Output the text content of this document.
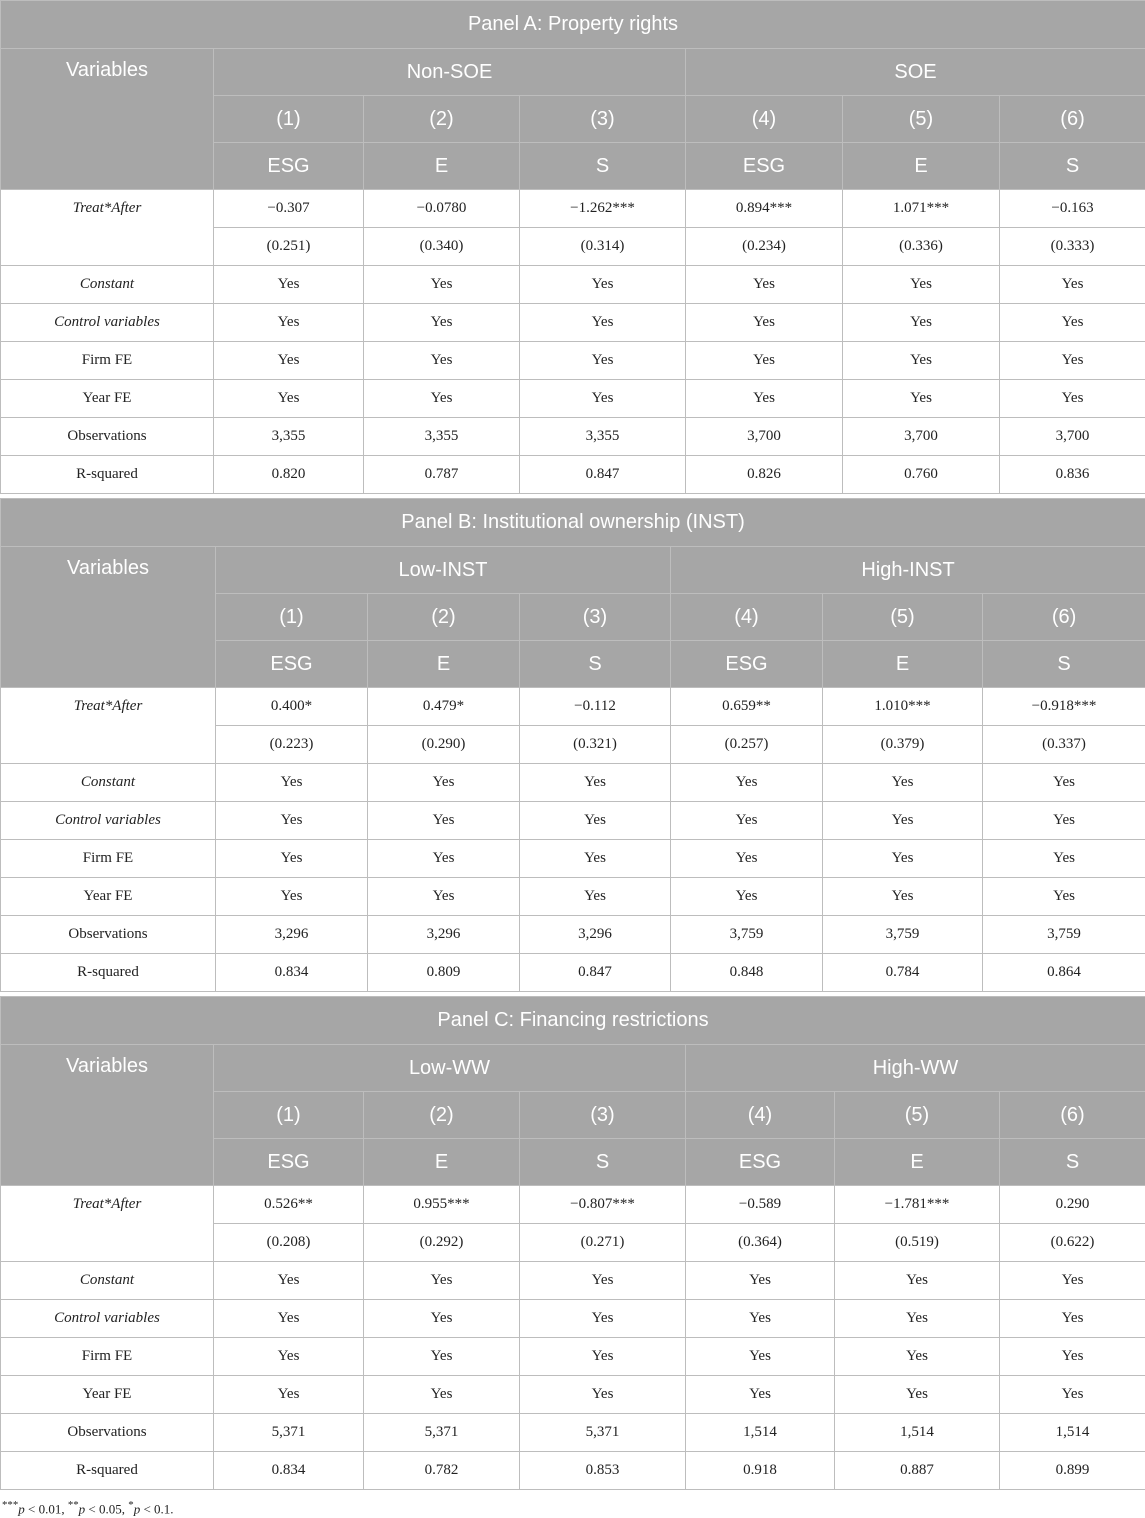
Panel A: Property rights						
Variables	Non-SOE			SOE		
	(1)	(2)	(3)	(4)	(5)	(6)
	ESG	E	S	ESG	E	S
Treat*After	−0.307	−0.0780	−1.262***	0.894***	1.071***	−0.163
	(0.251)	(0.340)	(0.314)	(0.234)	(0.336)	(0.333)
Constant	Yes	Yes	Yes	Yes	Yes	Yes
Control variables	Yes	Yes	Yes	Yes	Yes	Yes
Firm FE	Yes	Yes	Yes	Yes	Yes	Yes
Year FE	Yes	Yes	Yes	Yes	Yes	Yes
Observations	3,355	3,355	3,355	3,700	3,700	3,700
R-squared	0.820	0.787	0.847	0.826	0.760	0.836
Panel B: Institutional ownership (INST)						
Variables	Low-INST			High-INST		
	(1)	(2)	(3)	(4)	(5)	(6)
	ESG	E	S	ESG	E	S
Treat*After	0.400*	0.479*	−0.112	0.659**	1.010***	−0.918***
	(0.223)	(0.290)	(0.321)	(0.257)	(0.379)	(0.337)
Constant	Yes	Yes	Yes	Yes	Yes	Yes
Control variables	Yes	Yes	Yes	Yes	Yes	Yes
Firm FE	Yes	Yes	Yes	Yes	Yes	Yes
Year FE	Yes	Yes	Yes	Yes	Yes	Yes
Observations	3,296	3,296	3,296	3,759	3,759	3,759
R-squared	0.834	0.809	0.847	0.848	0.784	0.864
Panel C: Financing restrictions						
Variables	Low-WW			High-WW		
	(1)	(2)	(3)	(4)	(5)	(6)
	ESG	E	S	ESG	E	S
Treat*After	0.526**	0.955***	−0.807***	−0.589	−1.781***	0.290
	(0.208)	(0.292)	(0.271)	(0.364)	(0.519)	(0.622)
Constant	Yes	Yes	Yes	Yes	Yes	Yes
Control variables	Yes	Yes	Yes	Yes	Yes	Yes
Firm FE	Yes	Yes	Yes	Yes	Yes	Yes
Year FE	Yes	Yes	Yes	Yes	Yes	Yes
Observations	5,371	5,371	5,371	1,514	1,514	1,514
R-squared	0.834	0.782	0.853	0.918	0.887	0.899
***p < 0.01, **p < 0.05, *p < 0.1.
